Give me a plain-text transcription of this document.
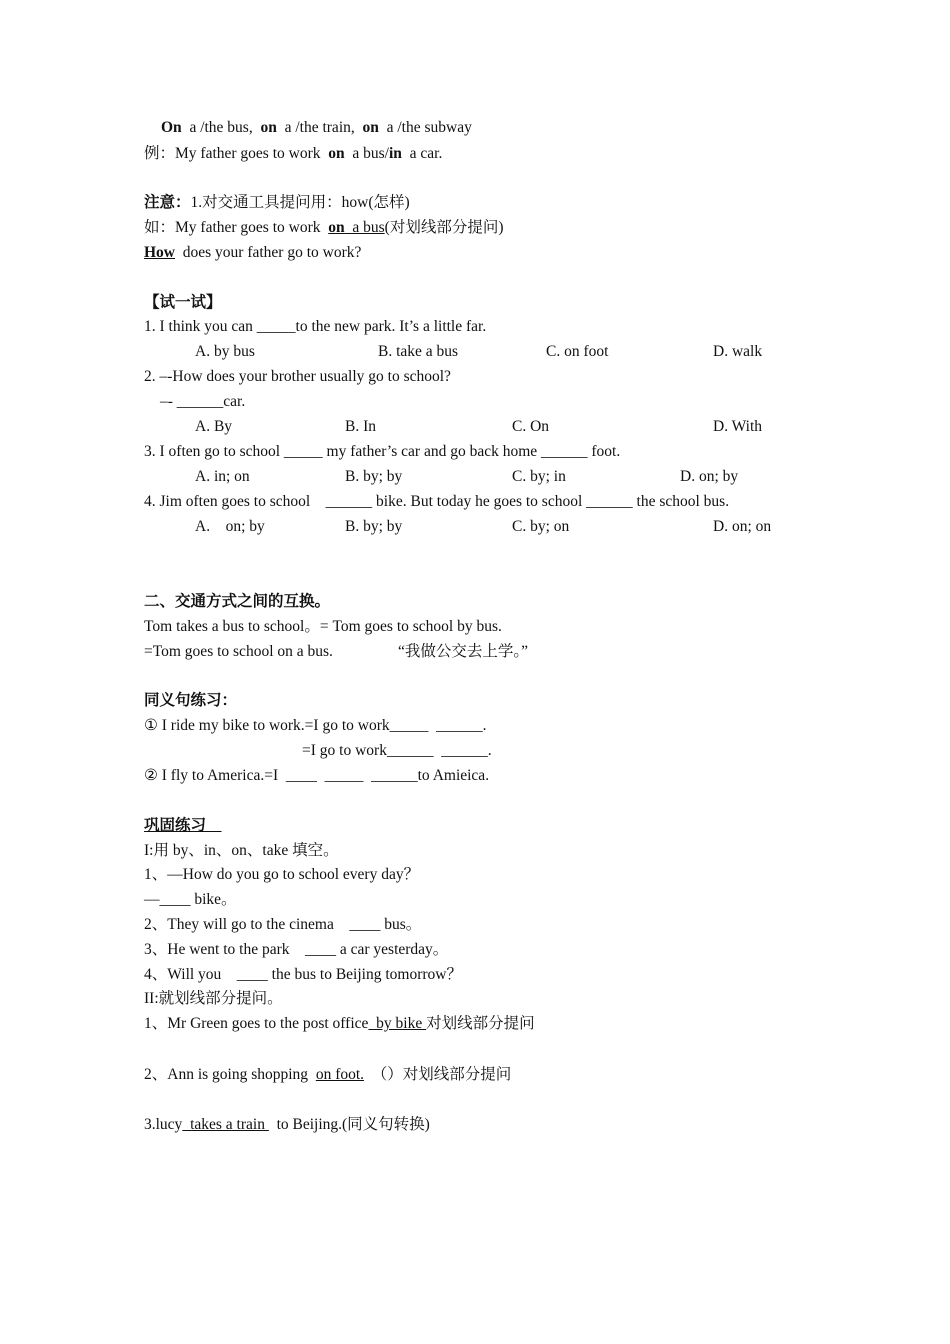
On  a /the bus,  on  a /the train,  on  a /the subway
例：My father goes to work  on  a bus/in  a car.
注意：1.对交通工具提问用：how(怎样)
如：My father goes to work  on  a bus(对划线部分提问)
How  does your father go to work?
【试一试】
1. I think you can _____to the new park. It’s a little far.
A. by bus	B. take a bus	C. on foot	D. walk
2. –-How does your brother usually go to school?
–- ______car.
A. By	B. In	C. On	D. With
3. I often go to school _____ my father’s car and go back home ______ foot.
A. in; on	B. by; by	C. by; in	D. on; by
4. Jim often goes to school    ______ bike. But today he goes to school ______ the school bus.
A.    on; by	B. by; by	C. by; on	D. on; on
二、交通方式之间的互换。
Tom takes a bus to school。= Tom goes to school by bus.
=Tom goes to school on a bus.	“我做公交去上学。”
同义句练习：
① I ride my bike to work.=I go to work_____  ______.
=I go to work______  ______.
② I fly to America.=I  ____  _____  ______to Amieica.
巩固练习
I:用 by、in、on、take 填空。
1、—How do you go to school every day？
—____ bike。
2、They will go to the cinema    ____ bus。
3、He went to the park    ____ a car yesterday。
4、Will you    ____ the bus to Beijing tomorrow？
II:就划线部分提问。
1、Mr Green goes to the post office  by bike 对划线部分提问
2、Ann is going shopping  on foot.  （）对划线部分提问
3.lucy  takes a train   to Beijing.(同义句转换)
